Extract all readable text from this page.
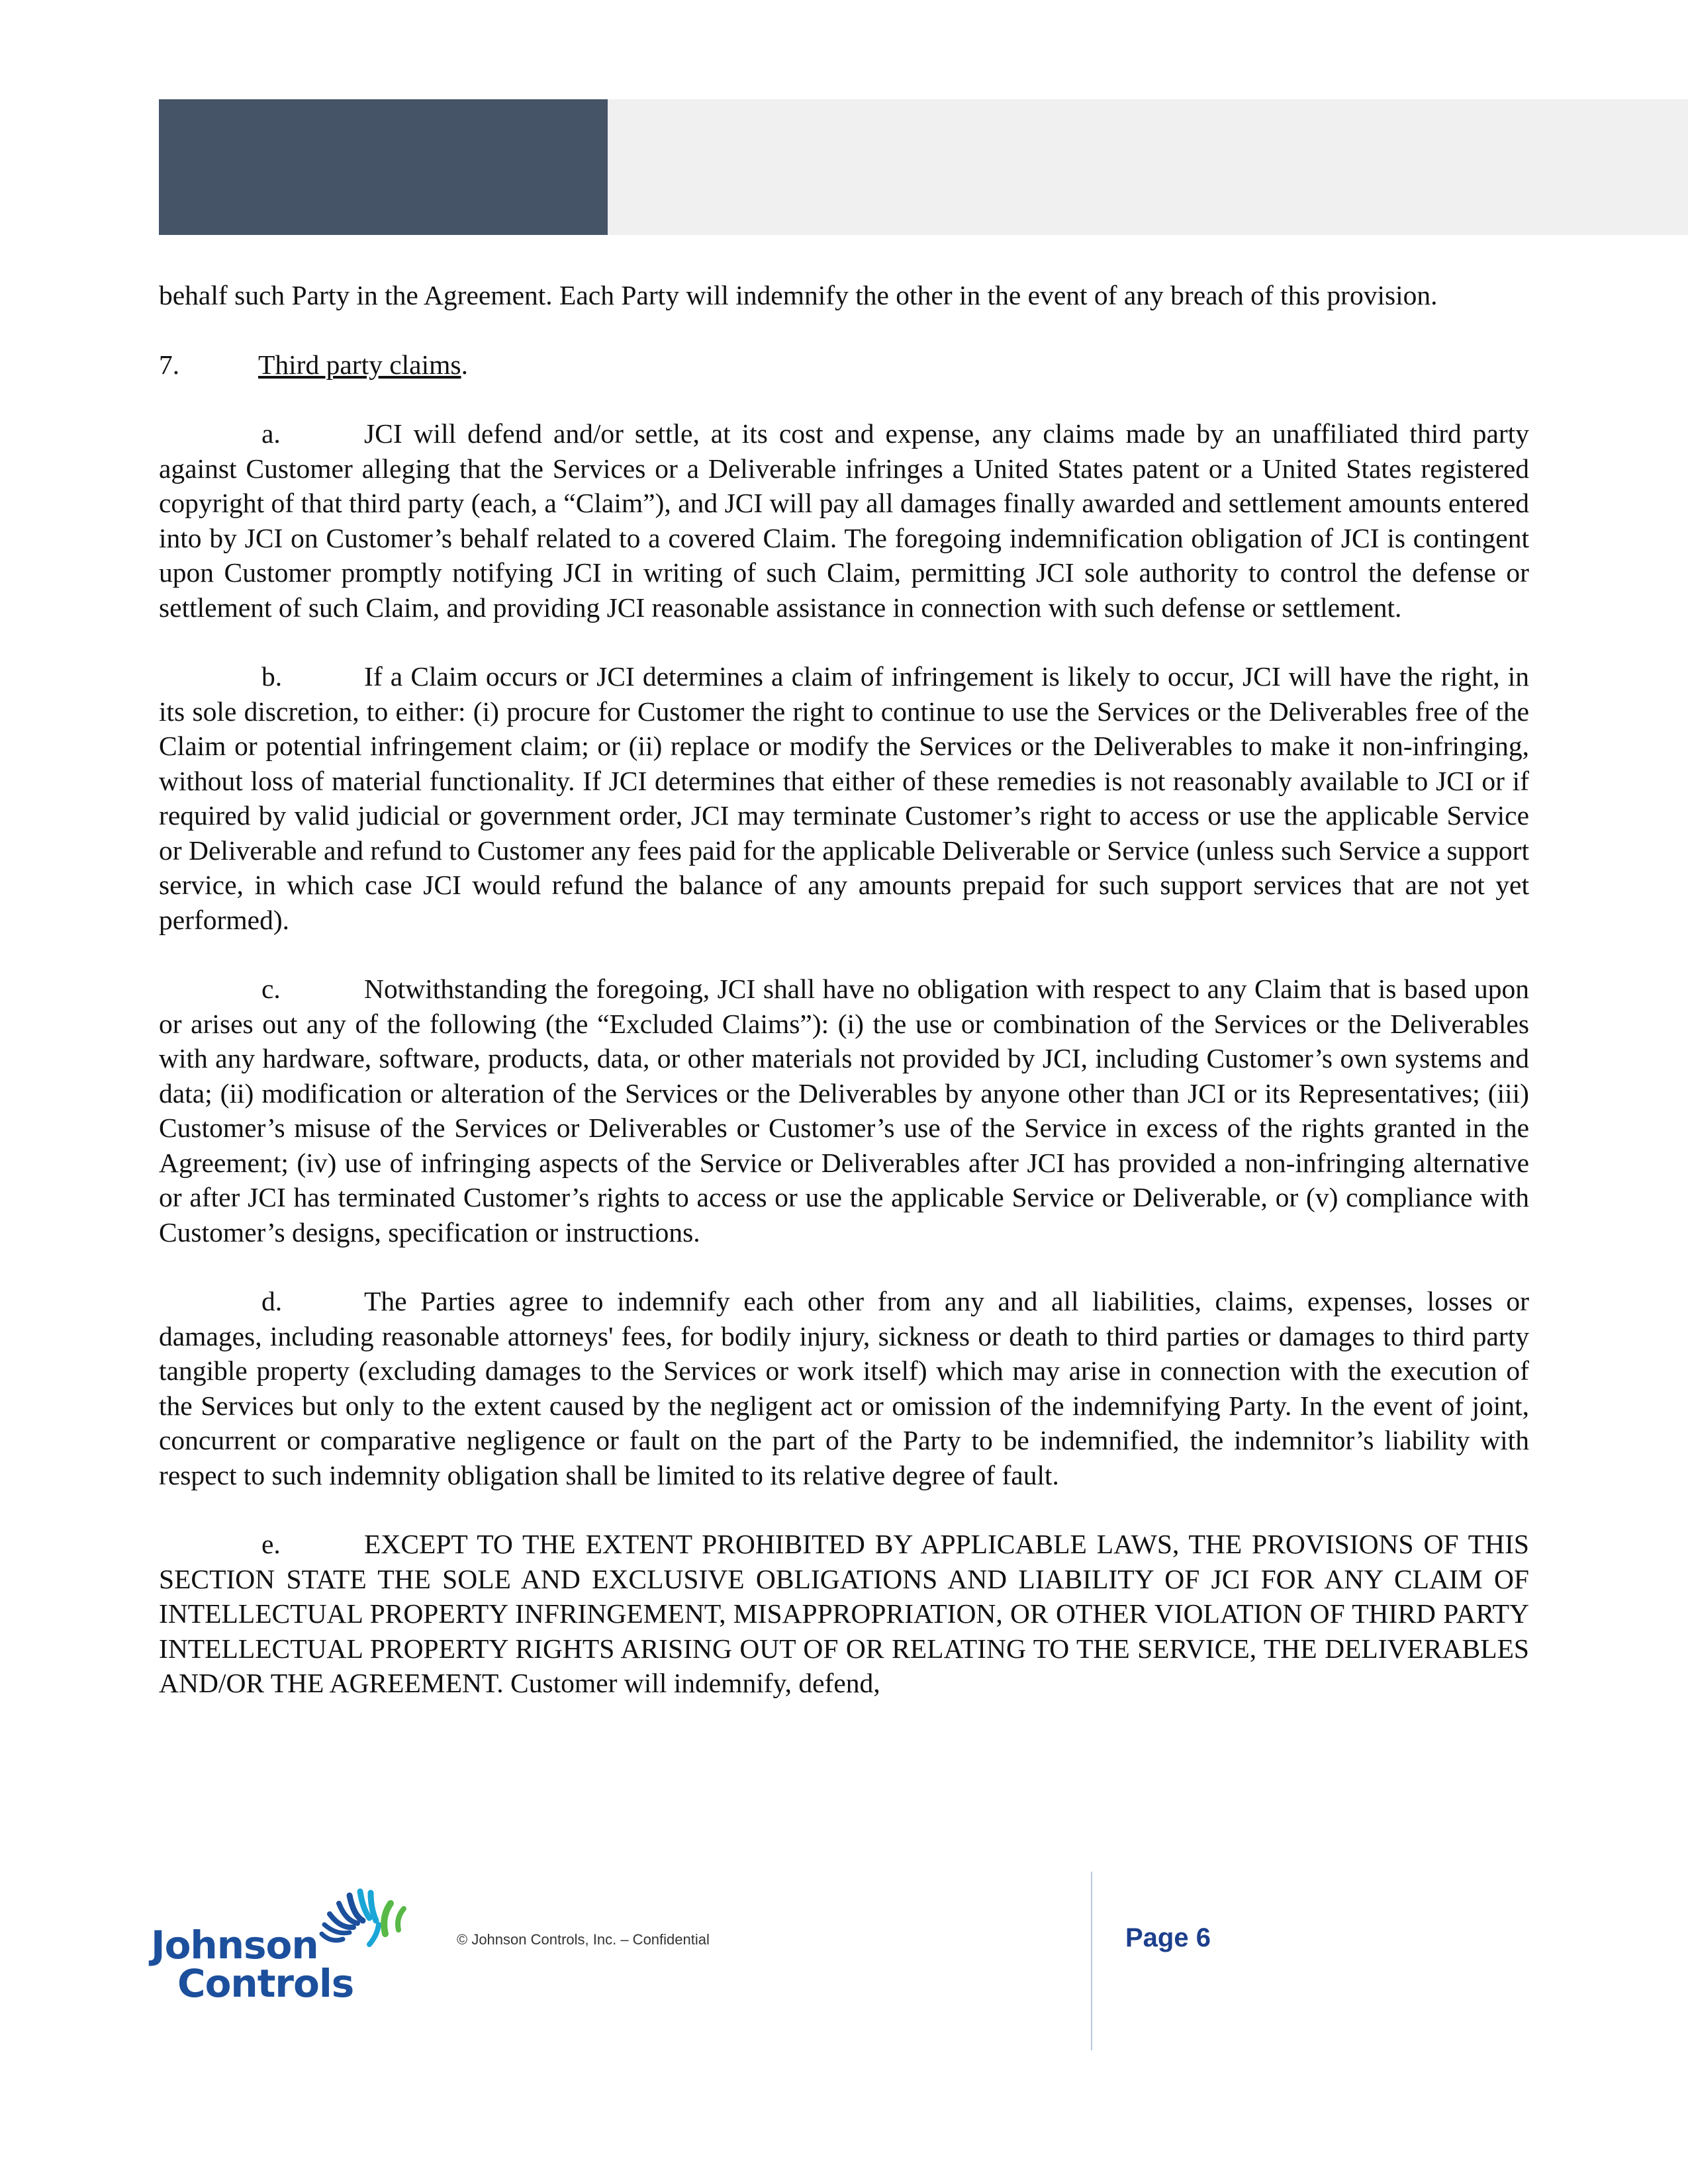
behalf such Party in the Agreement. Each Party will indemnify the other in the event of any breach of this provision.

7.	Third party claims.

a.	JCI will defend and/or settle, at its cost and expense, any claims made by an unaffiliated third party against Customer alleging that the Services or a Deliverable infringes a United States patent or a United States registered copyright of that third party (each, a “Claim”), and JCI will pay all damages finally awarded and settlement amounts entered into by JCI on Customer’s behalf related to a covered Claim. The foregoing indemnification obligation of JCI is contingent upon Customer promptly notifying JCI in writing of such Claim, permitting JCI sole authority to control the defense or settlement of such Claim, and providing JCI reasonable assistance in connection with such defense or settlement.

b.	If a Claim occurs or JCI determines a claim of infringement is likely to occur, JCI will have the right, in its sole discretion, to either: (i) procure for Customer the right to continue to use the Services or the Deliverables free of the Claim or potential infringement claim; or (ii) replace or modify the Services or the Deliverables to make it non-infringing, without loss of material functionality. If JCI determines that either of these remedies is not reasonably available to JCI or if required by valid judicial or government order, JCI may terminate Customer’s right to access or use the applicable Service or Deliverable and refund to Customer any fees paid for the applicable Deliverable or Service (unless such Service a support service, in which case JCI would refund the balance of any amounts prepaid for such support services that are not yet performed).

c.	Notwithstanding the foregoing, JCI shall have no obligation with respect to any Claim that is based upon or arises out any of the following (the “Excluded Claims”): (i) the use or combination of the Services or the Deliverables with any hardware, software, products, data, or other materials not provided by JCI, including Customer’s own systems and data; (ii) modification or alteration of the Services or the Deliverables by anyone other than JCI or its Representatives; (iii) Customer’s misuse of the Services or Deliverables or Customer’s use of the Service in excess of the rights granted in the Agreement; (iv) use of infringing aspects of the Service or Deliverables after JCI has provided a non-infringing alternative or after JCI has terminated Customer’s rights to access or use the applicable Service or Deliverable, or (v) compliance with Customer’s designs, specification or instructions.

d.	The Parties agree to indemnify each other from any and all liabilities, claims, expenses, losses or damages, including reasonable attorneys' fees, for bodily injury, sickness or death to third parties or damages to third party tangible property (excluding damages to the Services or work itself) which may arise in connection with the execution of the Services but only to the extent caused by the negligent act or omission of the indemnifying Party. In the event of joint, concurrent or comparative negligence or fault on the part of the Party to be indemnified, the indemnitor’s liability with respect to such indemnity obligation shall be limited to its relative degree of fault.

e.	EXCEPT TO THE EXTENT PROHIBITED BY APPLICABLE LAWS, THE PROVISIONS OF THIS SECTION STATE THE SOLE AND EXCLUSIVE OBLIGATIONS AND LIABILITY OF JCI FOR ANY CLAIM OF INTELLECTUAL PROPERTY INFRINGEMENT, MISAPPROPRIATION, OR OTHER VIOLATION OF THIRD PARTY INTELLECTUAL PROPERTY RIGHTS ARISING OUT OF OR RELATING TO THE SERVICE, THE DELIVERABLES AND/OR THE AGREEMENT. Customer will indemnify, defend,

Johnson
Controls
© Johnson Controls, Inc. – Confidential	Page 6
